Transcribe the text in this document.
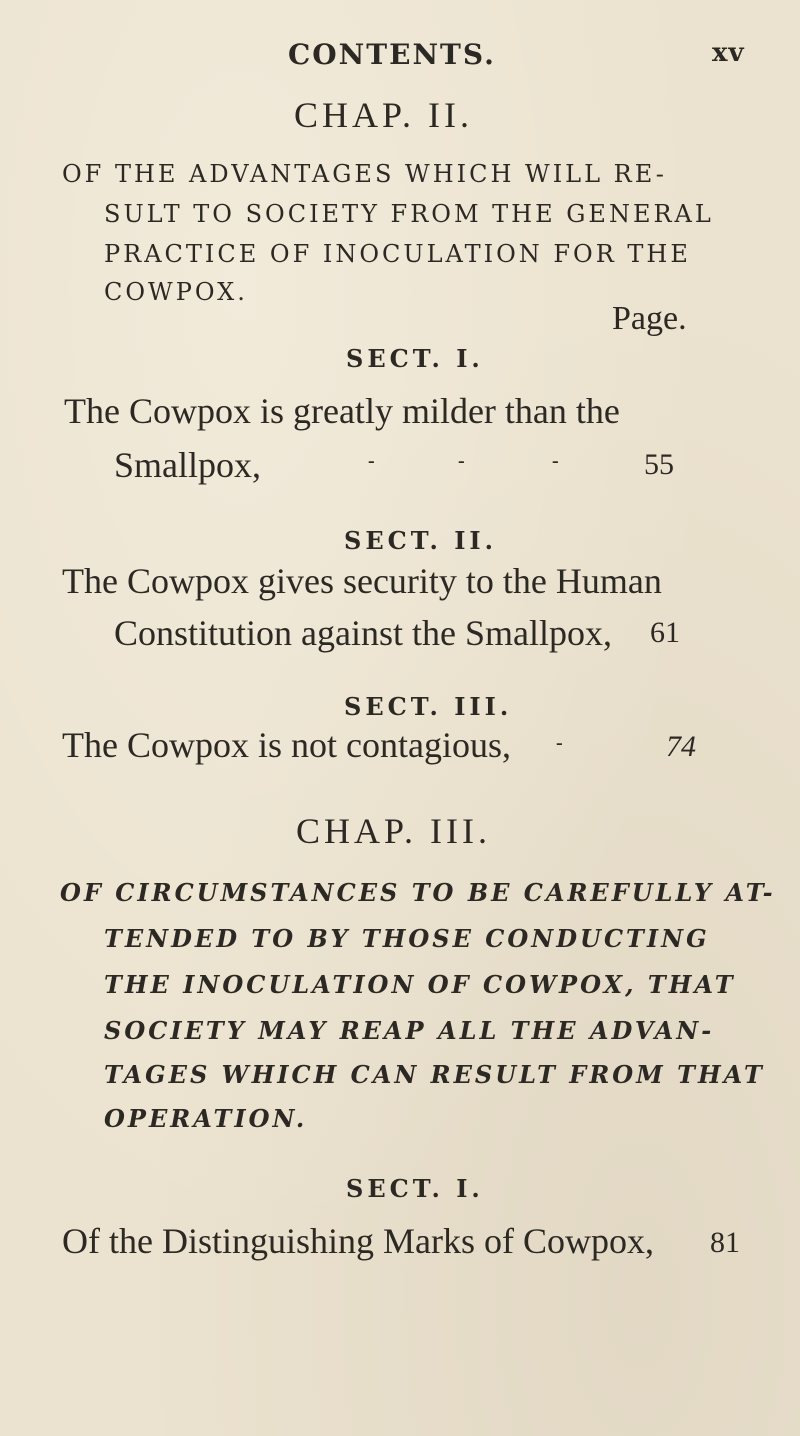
CONTENTS.	xv
CHAP. II.
OF THE ADVANTAGES WHICH WILL RE-
SULT TO SOCIETY FROM THE GENERAL
PRACTICE OF INOCULATION FOR THE
COWPOX.
Page.
SECT. I.
The Cowpox is greatly milder than the
Smallpox,	-	-	-	55
SECT. II.
The Cowpox gives security to the Human
Constitution against the Smallpox, 61
SECT. III.
The Cowpox is not contagious, -	74
CHAP. III.
OF CIRCUMSTANCES TO BE CAREFULLY AT-
TENDED TO BY THOSE CONDUCTING
THE INOCULATION OF COWPOX, THAT
SOCIETY MAY REAP ALL THE ADVAN-
TAGES WHICH CAN RESULT FROM THAT
OPERATION.
SECT. I.
Of the Distinguishing Marks of Cowpox, 81
